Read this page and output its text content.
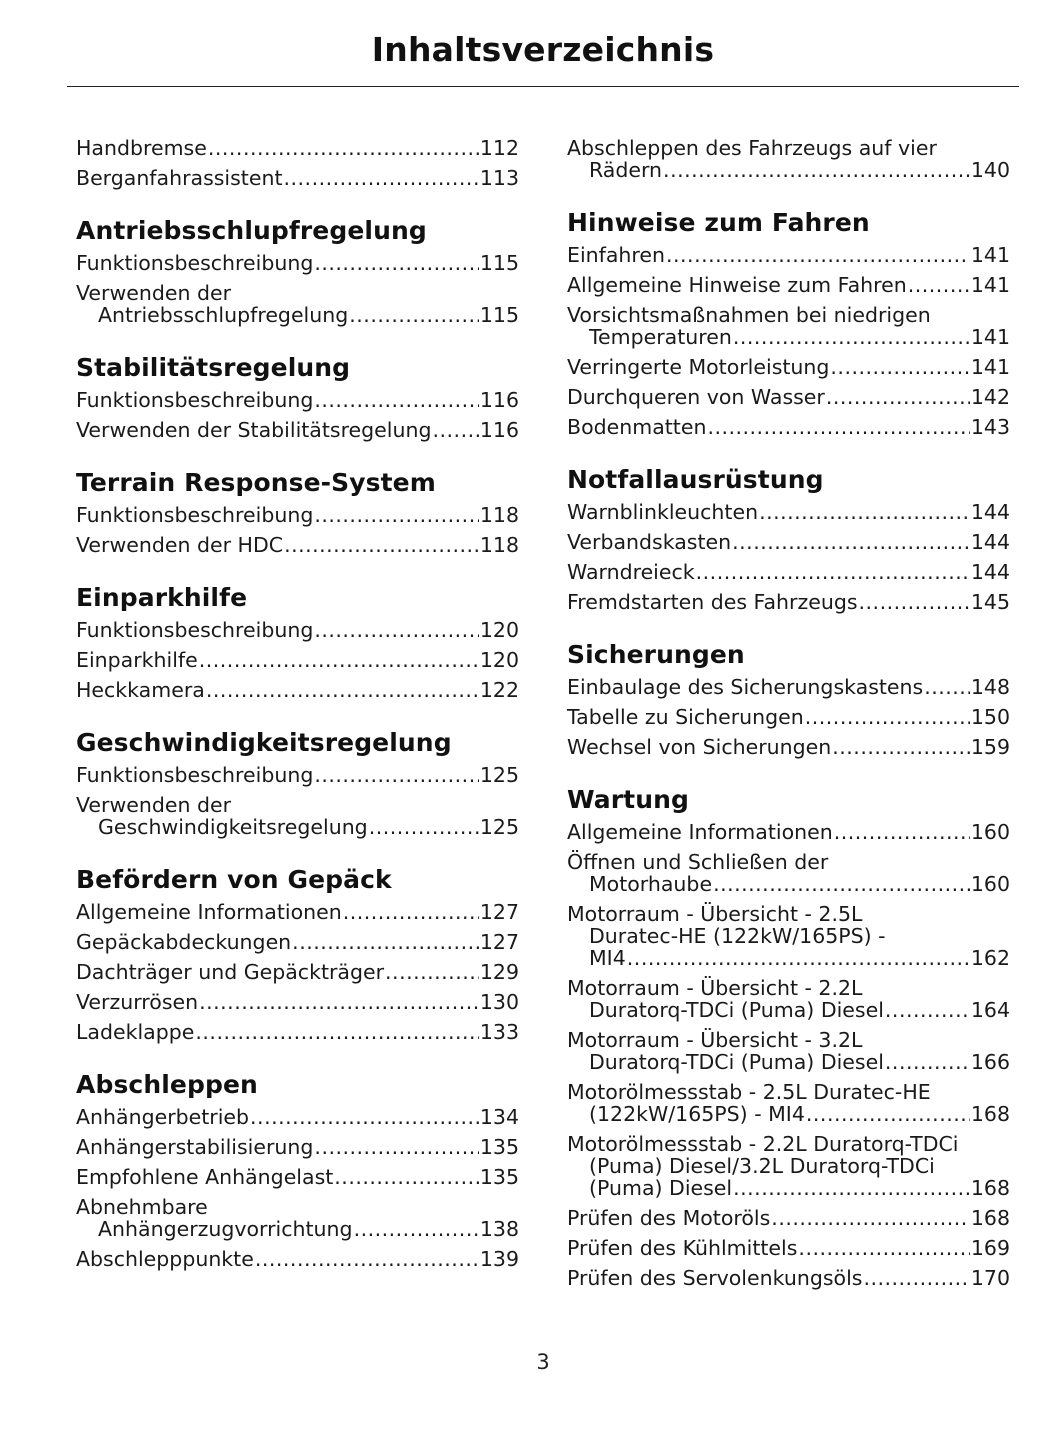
Inhaltsverzeichnis
Handbremse .....	112
Berganfahrassistent .....	113
Antriebsschlupfregelung
Funktionsbeschreibung .....	115
Verwenden der
Antriebsschlupfregelung .....	115
Stabilitätsregelung
Funktionsbeschreibung .....	116
Verwenden der Stabilitätsregelung ..... 116
Terrain Response-System
Funktionsbeschreibung .....	118
Verwenden der HDC .....	118
Einparkhilfe
Funktionsbeschreibung .....	120
Einparkhilfe .....	120
Heckkamera .....	122
Geschwindigkeitsregelung
Funktionsbeschreibung .....	125
Verwenden der
Geschwindigkeitsregelung .....	125
Befördern von Gepäck
Allgemeine Informationen .....	127
Gepäckabdeckungen .....	127
Dachträger und Gepäckträger .....	129
Verzurrösen .....	130
Ladeklappe .....	133
Abschleppen
Anhängerbetrieb .....	134
Anhängerstabilisierung .....	135
Empfohlene Anhängelast .....	135
Abnehmbare
Anhängerzugvorrichtung .....	138
Abschlepppunkte .....	139
Abschleppen des Fahrzeugs auf vier
Rädern .....	140
Hinweise zum Fahren
Einfahren .....	141
Allgemeine Hinweise zum Fahren .....	141
Vorsichtsmaßnahmen bei niedrigen
Temperaturen .....	141
Verringerte Motorleistung .....	141
Durchqueren von Wasser .....	142
Bodenmatten .....	143
Notfallausrüstung
Warnblinkleuchten .....	144
Verbandskasten .....	144
Warndreieck .....	144
Fremdstarten des Fahrzeugs .....	145
Sicherungen
Einbaulage des Sicherungskastens ..... 148
Tabelle zu Sicherungen .....	150
Wechsel von Sicherungen .....	159
Wartung
Allgemeine Informationen .....	160
Öffnen und Schließen der
Motorhaube .....	160
Motorraum - Übersicht - 2.5L
Duratec-HE (122kW/165PS) -
MI4 .....	162
Motorraum - Übersicht - 2.2L
Duratorq-TDCi (Puma) Diesel .....	164
Motorraum - Übersicht - 3.2L
Duratorq-TDCi (Puma) Diesel .....	166
Motorölmessstab - 2.5L Duratec-HE
(122kW/165PS) - MI4 .....	168
Motorölmessstab - 2.2L Duratorq-TDCi
(Puma) Diesel/3.2L Duratorq-TDCi
(Puma) Diesel .....	168
Prüfen des Motoröls .....	168
Prüfen des Kühlmittels .....	169
Prüfen des Servolenkungsöls .....	170
3
